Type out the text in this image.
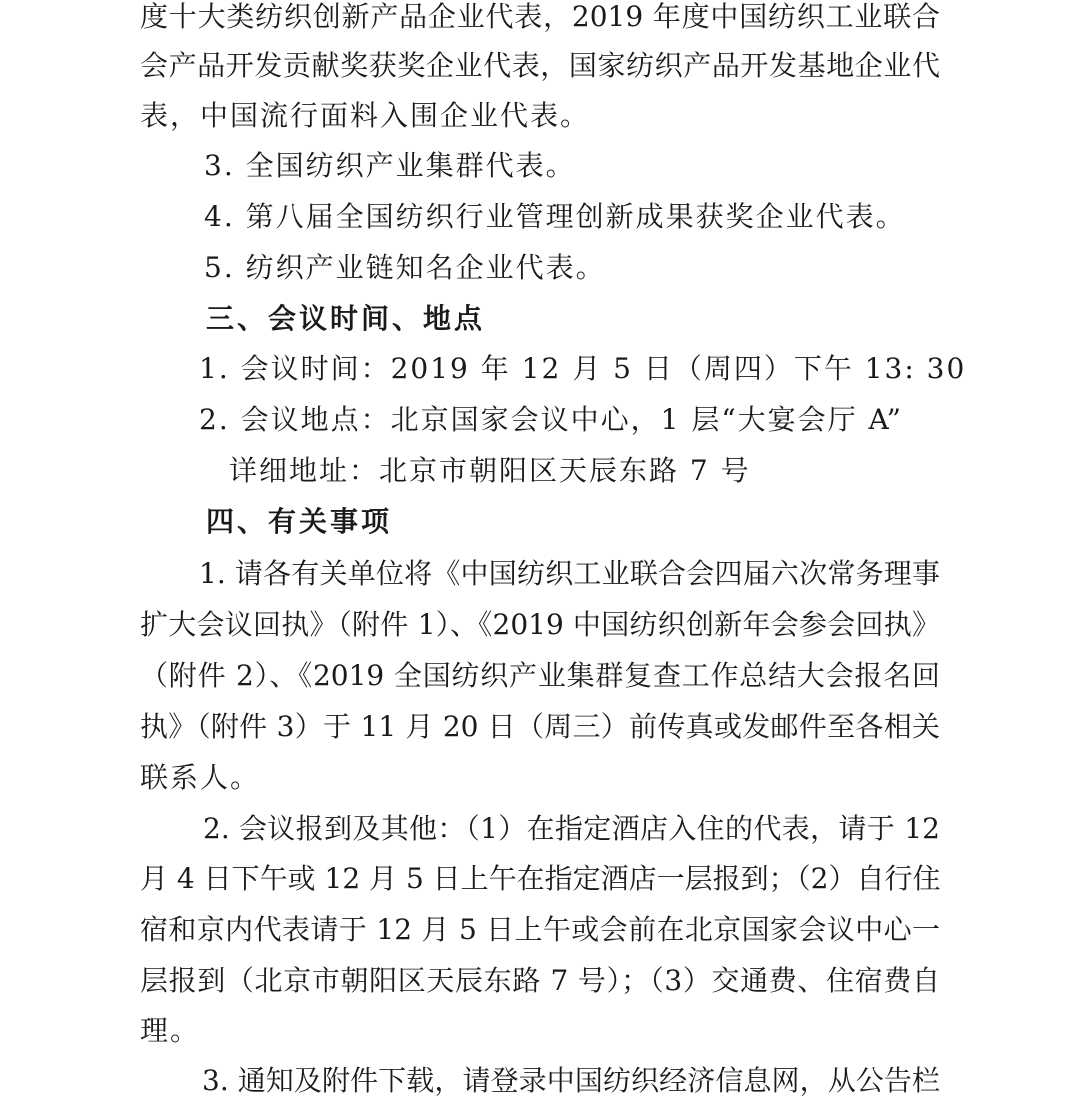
度十大类纺织创新产品企业代表，2019 年度中国纺织工业联合
会产品开发贡献奖获奖企业代表，国家纺织产品开发基地企业代
表，中国流行面料入围企业代表。
3. 全国纺织产业集群代表。
4. 第八届全国纺织行业管理创新成果获奖企业代表。
5. 纺织产业链知名企业代表。
三、会议时间、地点
1. 会议时间：2019 年 12 月 5 日（周四）下午 13: 30
2. 会议地点：北京国家会议中心，1 层“大宴会厅 A”
详细地址：北京市朝阳区天辰东路 7 号
四、有关事项
1. 请各有关单位将《中国纺织工业联合会四届六次常务理事
扩大会议回执》（附件 1）、《2019 中国纺织创新年会参会回执》
（附件 2）、《2019 全国纺织产业集群复查工作总结大会报名回
执》（附件 3）于 11 月 20 日（周三）前传真或发邮件至各相关
联系人。
2. 会议报到及其他：（1）在指定酒店入住的代表，请于 12
月 4 日下午或 12 月 5 日上午在指定酒店一层报到；（2）自行住
宿和京内代表请于 12 月 5 日上午或会前在北京国家会议中心一
层报到（北京市朝阳区天辰东路 7 号）；（3）交通费、住宿费自
理。
3. 通知及附件下载，请登录中国纺织经济信息网，从公告栏
